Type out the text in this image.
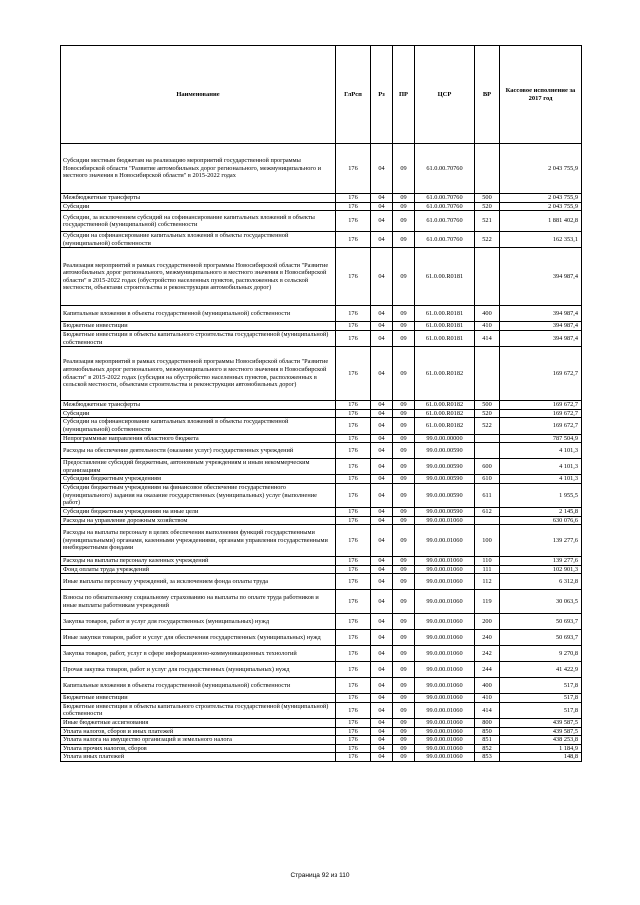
Наименование	ГлРсп	Рз	ПР	ЦСР	ВР	Кассовое исполнение за 2017 год
Субсидии местным бюджетам на реализацию мероприятий государственной программы Новосибирской области "Развитие автомобильных дорог регионального, межмуниципального и местного значения в Новосибирской области" в 2015-2022 годах	176	04	09	61.0.00.70760		2 043 755,9
Межбюджетные трансферты	176	04	09	61.0.00.70760	500	2 043 755,9
Субсидии	176	04	09	61.0.00.70760	520	2 043 755,9
Субсидии, за исключением субсидий на софинансирование капитальных вложений в объекты государственной (муниципальной) собственности	176	04	09	61.0.00.70760	521	1 881 402,8
Субсидии на софинансирование капитальных вложений в объекты государственной (муниципальной) собственности	176	04	09	61.0.00.70760	522	162 353,1
Реализация мероприятий в рамках государственной программы Новосибирской области "Развитие автомобильных дорог регионального, межмуниципального и местного значения в Новосибирской области" в 2015-2022 годах (обустройство населенных пунктов, расположенных в сельской местности, объектами строительства и реконструкции автомобильных дорог)	176	04	09	61.0.00.R0181		394 987,4
Капитальные вложения в объекты государственной (муниципальной) собственности	176	04	09	61.0.00.R0181	400	394 987,4
Бюджетные инвестиции	176	04	09	61.0.00.R0181	410	394 987,4
Бюджетные инвестиции в объекты капитального строительства государственной (муниципальной) собственности	176	04	09	61.0.00.R0181	414	394 987,4
Реализация мероприятий в рамках государственной программы Новосибирской области "Развитие автомобильных дорог регионального, межмуниципального и местного значения в Новосибирской области" в 2015-2022 годах (субсидия на обустройство населенных пунктов, расположенных в сельской местности, объектами строительства и реконструкции автомобильных дорог)	176	04	09	61.0.00.R0182		169 672,7
Межбюджетные трансферты	176	04	09	61.0.00.R0182	500	169 672,7
Субсидии	176	04	09	61.0.00.R0182	520	169 672,7
Субсидии на софинансирование капитальных вложений в объекты государственной (муниципальной) собственности	176	04	09	61.0.00.R0182	522	169 672,7
Непрограммные направления областного бюджета	176	04	09	99.0.00.00000		787 504,9
Расходы на обеспечение деятельности (оказание услуг) государственных учреждений	176	04	09	99.0.00.00590		4 101,3
Предоставление субсидий бюджетным, автономным учреждениям и иным некоммерческим организациям	176	04	09	99.0.00.00590	600	4 101,3
Субсидии бюджетным учреждениям	176	04	09	99.0.00.00590	610	4 101,3
Субсидии бюджетным учреждениям на финансовое обеспечение государственного (муниципального) задания на оказание государственных (муниципальных) услуг (выполнение работ)	176	04	09	99.0.00.00590	611	1 955,5
Субсидии бюджетным учреждениям на иные цели	176	04	09	99.0.00.00590	612	2 145,8
Расходы на управление дорожным хозяйством	176	04	09	99.0.00.01060		630 076,6
Расходы на выплаты персоналу в целях обеспечения выполнения функций государственными (муниципальными) органами, казенными учреждениями, органами управления государственными внебюджетными фондами	176	04	09	99.0.00.01060	100	139 277,6
Расходы на выплаты персоналу казенных учреждений	176	04	09	99.0.00.01060	110	139 277,6
Фонд оплаты труда учреждений	176	04	09	99.0.00.01060	111	102 901,3
Иные выплаты персоналу учреждений, за исключением фонда оплаты труда	176	04	09	99.0.00.01060	112	6 312,8
Взносы по обязательному социальному страхованию на выплаты по оплате труда работников и иные выплаты работникам учреждений	176	04	09	99.0.00.01060	119	30 063,5
Закупка товаров, работ и услуг для государственных (муниципальных) нужд	176	04	09	99.0.00.01060	200	50 693,7
Иные закупки товаров, работ и услуг для обеспечения государственных (муниципальных) нужд	176	04	09	99.0.00.01060	240	50 693,7
Закупка товаров, работ, услуг в сфере информационно-коммуникационных технологий	176	04	09	99.0.00.01060	242	9 270,8
Прочая закупка товаров, работ и услуг для государственных (муниципальных) нужд	176	04	09	99.0.00.01060	244	41 422,9
Капитальные вложения в объекты государственной (муниципальной) собственности	176	04	09	99.0.00.01060	400	517,8
Бюджетные инвестиции	176	04	09	99.0.00.01060	410	517,8
Бюджетные инвестиции в объекты капитального строительства государственной (муниципальной) собственности	176	04	09	99.0.00.01060	414	517,8
Иные бюджетные ассигнования	176	04	09	99.0.00.01060	800	439 587,5
Уплата налогов, сборов и иных платежей	176	04	09	99.0.00.01060	850	439 587,5
Уплата налога на имущество организаций и земельного налога	176	04	09	99.0.00.01060	851	438 253,8
Уплата прочих налогов, сборов	176	04	09	99.0.00.01060	852	1 184,9
Уплата иных платежей	176	04	09	99.0.00.01060	853	148,8
Страница 92 из 110
